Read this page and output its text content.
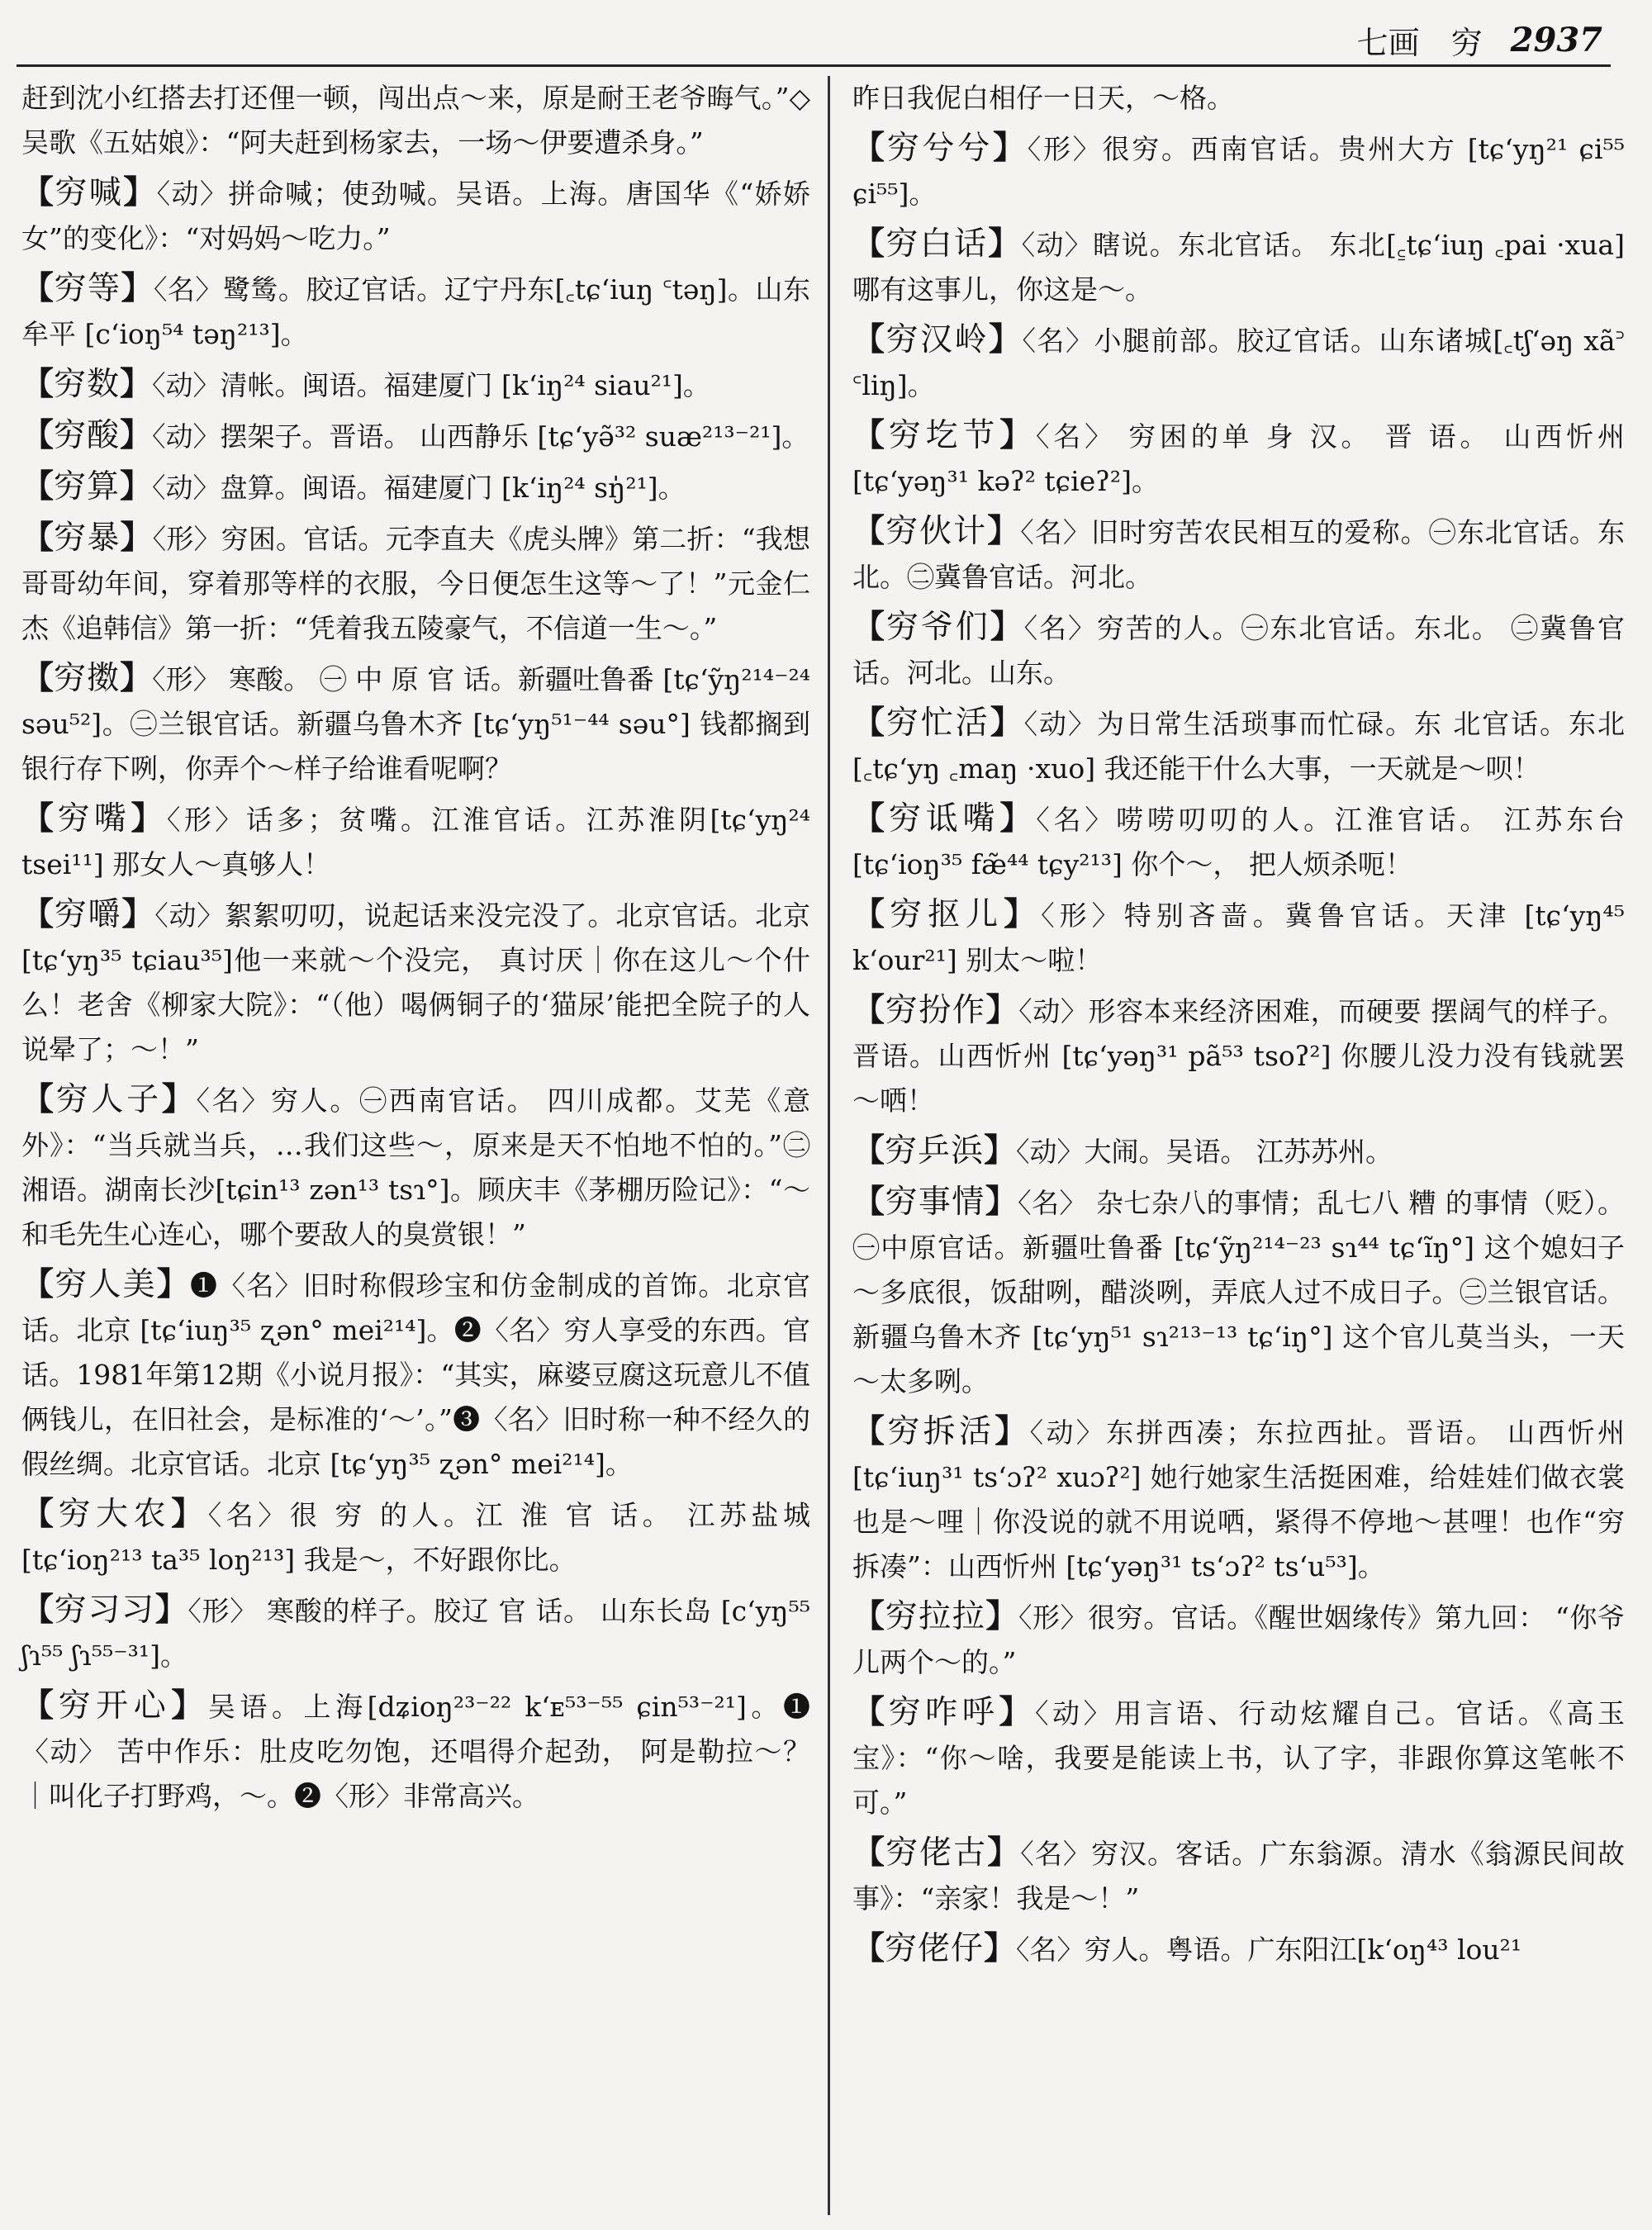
七画　穷 2937

赶到沈小红搭去打还俚一顿，闯出点～来，原是耐王老爷晦气。”◇吴歌《五姑娘》：“阿夫赶到杨家去，一场～伊要遭杀身。”

【 穷喊 】 〈动〉拼命喊；使劲喊。吴语。上海。唐国华《“娇娇女”的变化》：“对妈妈～吃力。”

【 穷等 】 〈名〉鹭鸶。胶辽官话。辽宁丹东[꜀tɕʻiuŋ ꜂təŋ]。山东牟平 [cʻioŋ⁵⁴ təŋ²¹³]。

【 穷数 】 〈动〉清帐。闽语。福建厦门 [kʻiŋ²⁴ siau²¹]。

【 穷酸 】 〈动〉摆架子。晋语。 山西静乐 [tɕʻyə̃³² suæ²¹³⁻²¹]。

【 穷算 】 〈动〉盘算。闽语。福建厦门 [kʻiŋ²⁴ sŋ̍²¹]。

【 穷暴 】 〈形〉穷困。官话。元李直夫《虎头牌》第二折：“我想哥哥幼年间，穿着那等样的衣服，今日便怎生这等～了！”元金仁杰《追韩信》第一折：“凭着我五陵豪气，不信道一生～。”

【 穷擞 】 〈形〉 寒酸。 ㊀ 中 原 官 话。新疆吐鲁番 [tɕʻỹŋ²¹⁴⁻²⁴ səu⁵²]。㊁兰银官话。新疆乌鲁木齐 [tɕʻyŋ⁵¹⁻⁴⁴ səu°] 钱都搁到银行存下咧，你弄个～样子给谁看呢啊？

【 穷嘴 】 〈形〉话多；贫嘴。江淮官话。江苏淮阴[tɕʻyŋ²⁴ tsei¹¹] 那女人～真够人！

【 穷嚼 】 〈动〉絮絮叨叨，说起话来没完没了。北京官话。北京 [tɕʻyŋ³⁵ tɕiau³⁵]他一来就～个没完， 真讨厌｜你在这儿～个什么！老舍《柳家大院》：“（他）喝俩铜子的‘猫尿’能把全院子的人说晕了；～！”

【 穷人子 】 〈名〉穷人。㊀西南官话。 四川成都。艾芜《意外》：“当兵就当兵，…我们这些～，原来是天不怕地不怕的。”㊁湘语。湖南长沙[tɕin¹³ zən¹³ tsɿ°]。顾庆丰《茅棚历险记》：“～和毛先生心连心，哪个要敌人的臭赏银！”

【 穷人美 】 ❶〈名〉旧时称假珍宝和仿金制成的首饰。北京官话。北京 [tɕʻiuŋ³⁵ ʐən° mei²¹⁴]。❷〈名〉穷人享受的东西。官话。1981年第12期《小说月报》：“其实，麻婆豆腐这玩意儿不值俩钱儿，在旧社会，是标准的‘～’。”❸〈名〉旧时称一种不经久的假丝绸。北京官话。北京 [tɕʻyŋ³⁵ ʐən° mei²¹⁴]。

【 穷大农 】 〈名〉很 穷 的人。江 淮 官 话。 江苏盐城 [tɕʻioŋ²¹³ ta³⁵ loŋ²¹³] 我是～，不好跟你比。

【 穷习习 】 〈形〉 寒酸的样子。胶辽 官 话。 山东长岛 [cʻyŋ⁵⁵ ʃɿ⁵⁵ ʃɿ⁵⁵⁻³¹]。

【 穷开心 】 吴语。上海[dʑioŋ²³⁻²² kʻᴇ⁵³⁻⁵⁵ ɕin⁵³⁻²¹]。❶〈动〉 苦中作乐：肚皮吃勿饱，还唱得介起劲， 阿是勒拉～？ ｜叫化子打野鸡，～。❷〈形〉非常高兴。

昨日我伲白相仔一日天，～格。

【 穷兮兮 】 〈形〉很穷。西南官话。贵州大方 [tɕʻyŋ²¹ ɕi⁵⁵ ɕi⁵⁵]。

【 穷白话 】 〈动〉瞎说。东北官话。 东北[꜁tɕʻiuŋ ꜀pai ·xua] 哪有这事儿，你这是～。

【 穷汉岭 】 〈名〉小腿前部。胶辽官话。山东诸城[꜀tʃʻəŋ xã꜄ ꜂liŋ]。

【 穷圪节 】 〈名〉 穷困的单 身 汉。 晋 语。 山西忻州 [tɕʻyəŋ³¹ kəʔ² tɕieʔ²]。

【 穷伙计 】 〈名〉旧时穷苦农民相互的爱称。㊀东北官话。东北。㊁冀鲁官话。河北。

【 穷爷们 】 〈名〉穷苦的人。㊀东北官话。东北。 ㊁冀鲁官话。河北。山东。

【 穷忙活 】 〈动〉为日常生活琐事而忙碌。东 北官话。东北 [꜀tɕʻyŋ ꜀maŋ ·xuo] 我还能干什么大事，一天就是～呗！

【 穷诋嘴 】 〈名〉唠唠叨叨的人。江淮官话。 江苏东台 [tɕʻioŋ³⁵ fæ̃⁴⁴ tɕy²¹³] 你个～， 把人烦杀呃！

【 穷抠儿 】 〈形〉特别吝啬。冀鲁官话。天津 [tɕʻyŋ⁴⁵ kʻour²¹] 别太～啦！

【 穷扮作 】 〈动〉形容本来经济困难，而硬要 摆阔气的样子。晋语。山西忻州 [tɕʻyəŋ³¹ pã⁵³ tsoʔ²] 你腰儿没力没有钱就罢～哂！

【 穷乒浜 】 〈动〉大闹。吴语。 江苏苏州。

【 穷事情 】 〈名〉 杂七杂八的事情；乱七八 糟 的事情（贬）。㊀中原官话。新疆吐鲁番 [tɕʻỹŋ²¹⁴⁻²³ sɿ⁴⁴ tɕʻĩŋ°] 这个媳妇子～多底很，饭甜咧，醋淡咧，弄底人过不成日子。㊁兰银官话。新疆乌鲁木齐 [tɕʻyŋ⁵¹ sɿ²¹³⁻¹³ tɕʻiŋ°] 这个官儿莫当头，一天～太多咧。

【 穷拆活 】 〈动〉东拼西凑；东拉西扯。晋语。 山西忻州 [tɕʻiuŋ³¹ tsʻɔʔ² xuɔʔ²] 她行她家生活挺困难，给娃娃们做衣裳也是～哩｜你没说的就不用说哂，紧得不停地～甚哩！也作“穷拆凑”：山西忻州 [tɕʻyəŋ³¹ tsʻɔʔ² tsʻu⁵³]。

【 穷拉拉 】 〈形〉很穷。官话。《醒世姻缘传》第九回： “你爷儿两个～的。”

【 穷咋呼 】 〈动〉用言语、行动炫耀自己。官话。《高玉宝》：“你～啥，我要是能读上书，认了字，非跟你算这笔帐不可。”

【 穷佬古 】 〈名〉穷汉。客话。广东翁源。清水《翁源民间故事》：“亲家！我是～！”

【 穷佬仔 】 〈名〉穷人。粤语。广东阳江[kʻoŋ⁴³ lou²¹
